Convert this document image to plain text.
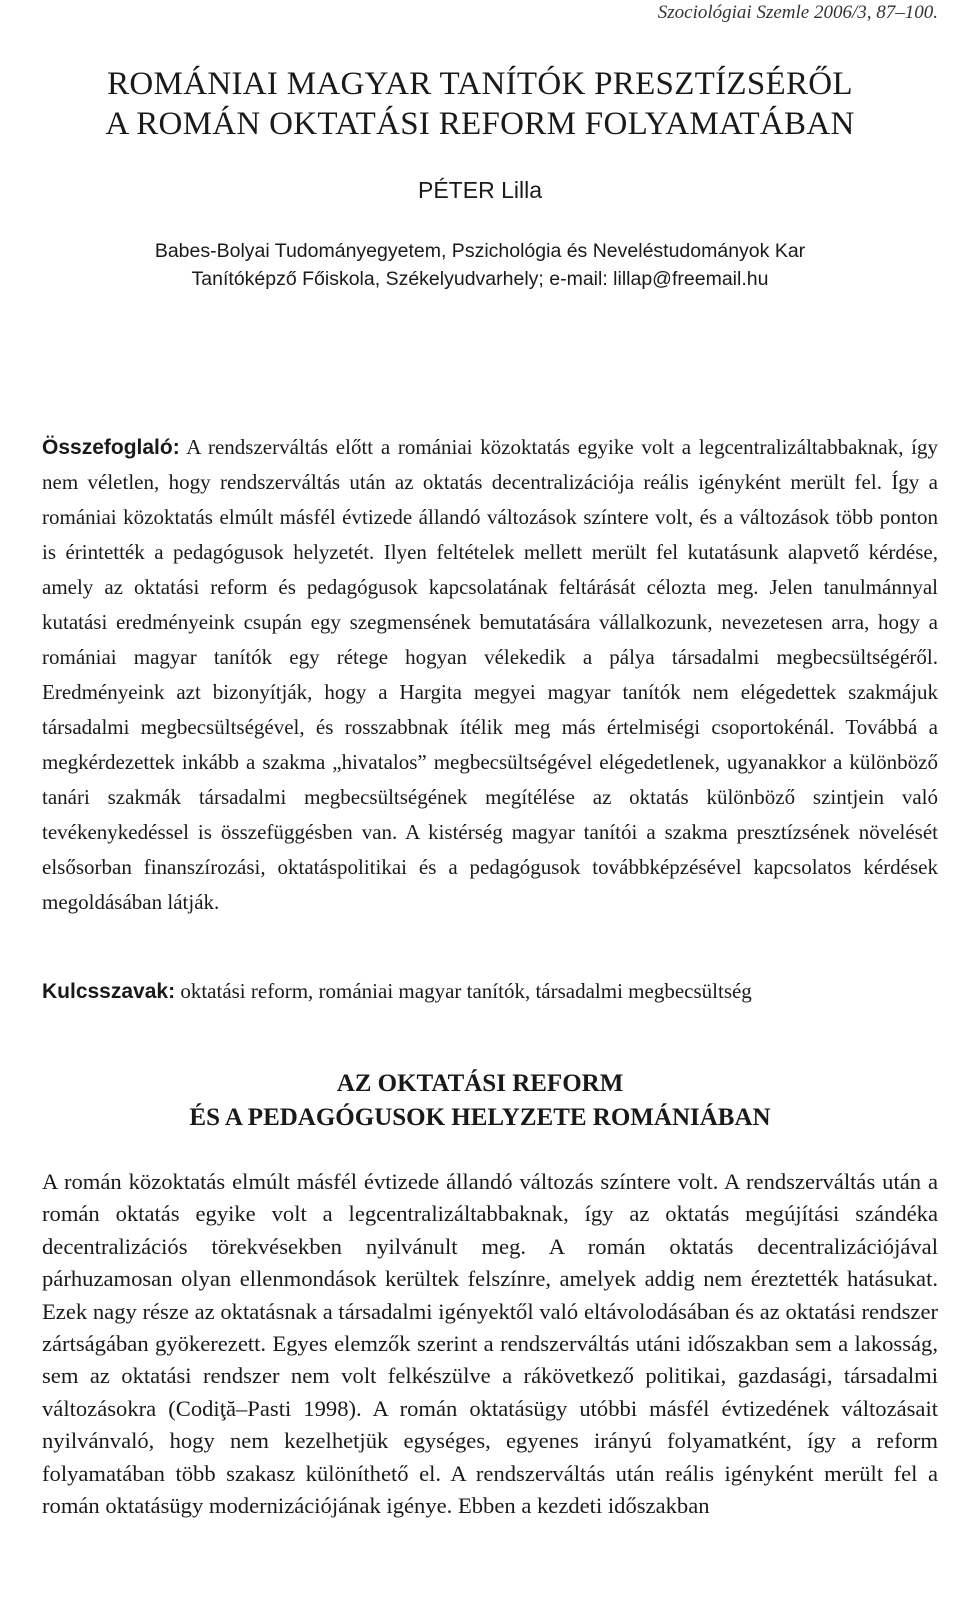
Szociológiai Szemle 2006/3, 87–100.

ROMÁNIAI MAGYAR TANÍTÓK PRESZTÍZSÉRŐL
A ROMÁN OKTATÁSI REFORM FOLYAMATÁBAN

PÉTER Lilla

Babes-Bolyai Tudományegyetem, Pszichológia és Neveléstudományok Kar
Tanítóképző Főiskola, Székelyudvarhely; e-mail: lillap@freemail.hu

Összefoglaló: A rendszerváltás előtt a romániai közoktatás egyike volt a legcentralizáltabbaknak, így nem véletlen, hogy rendszerváltás után az oktatás decentralizációja reális igényként merült fel. Így a romániai közoktatás elmúlt másfél évtizede állandó változások színtere volt, és a változások több ponton is érintették a pedagógusok helyzetét. Ilyen feltételek mellett merült fel kutatásunk alapvető kérdése, amely az oktatási reform és pedagógusok kapcsolatának feltárását célozta meg. Jelen tanulmánnyal kutatási eredményeink csupán egy szegmensének bemutatására vállalkozunk, nevezetesen arra, hogy a romániai magyar tanítók egy rétege hogyan vélekedik a pálya társadalmi megbecsültségéről. Eredményeink azt bizonyítják, hogy a Hargita megyei magyar tanítók nem elégedettek szakmájuk társadalmi megbecsültségével, és rosszabbnak ítélik meg más értelmiségi csoportokénál. Továbbá a megkérdezettek inkább a szakma „hivatalos” megbecsültségével elégedetlenek, ugyanakkor a különböző tanári szakmák társadalmi megbecsültségének megítélése az oktatás különböző szintjein való tevékenykedéssel is összefüggésben van. A kistérség magyar tanítói a szakma presztízsének növelését elsősorban finanszírozási, oktatáspolitikai és a pedagógusok továbbképzésével kapcsolatos kérdések megoldásában látják.

Kulcsszavak: oktatási reform, romániai magyar tanítók, társadalmi megbecsültség

AZ OKTATÁSI REFORM
ÉS A PEDAGÓGUSOK HELYZETE ROMÁNIÁBAN

A román közoktatás elmúlt másfél évtizede állandó változás színtere volt. A rendszerváltás után a román oktatás egyike volt a legcentralizáltabbaknak, így az oktatás megújítási szándéka decentralizációs törekvésekben nyilvánult meg. A román oktatás decentralizációjával párhuzamosan olyan ellenmondások kerültek felszínre, amelyek addig nem éreztették hatásukat. Ezek nagy része az oktatásnak a társadalmi igényektől való eltávolodásában és az oktatási rendszer zártságában gyökerezett. Egyes elemzők szerint a rendszerváltás utáni időszakban sem a lakosság, sem az oktatási rendszer nem volt felkészülve a rákövetkező politikai, gazdasági, társadalmi változásokra (Codiţă–Pasti 1998). A román oktatásügy utóbbi másfél évtizedének változásait nyilvánvaló, hogy nem kezelhetjük egységes, egyenes irányú folyamatként, így a reform folyamatában több szakasz különíthető el. A rendszerváltás után reális igényként merült fel a román oktatásügy modernizációjának igénye. Ebben a kezdeti időszakban
